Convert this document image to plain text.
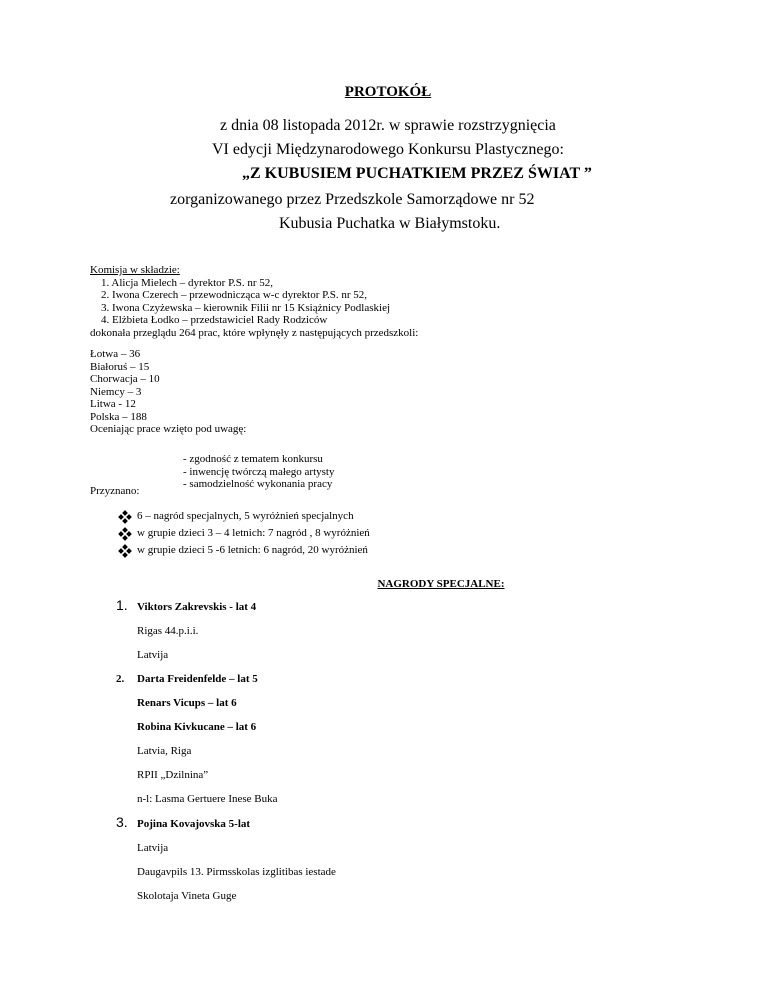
PROTOKÓŁ
z dnia 08 listopada 2012r. w sprawie rozstrzygnięcia
VI edycji Międzynarodowego Konkursu Plastycznego:
„Z KUBUSIEM PUCHATKIEM PRZEZ ŚWIAT ”
zorganizowanego przez Przedszkole Samorządowe nr 52
Kubusia Puchatka w Białymstoku.
Komisja w składzie:
1. Alicja Mielech – dyrektor P.S. nr 52,
2. Iwona Czerech – przewodnicząca w-c dyrektor P.S. nr 52,
3. Iwona Czyżewska – kierownik Filii nr 15 Książnicy Podlaskiej
4. Elżbieta Łodko – przedstawiciel Rady Rodziców
dokonała przeglądu 264 prac, które wpłynęły z następujących przedszkoli:
Łotwa – 36
Białoruś – 15
Chorwacja – 10
Niemcy – 3
Litwa - 12
Polska – 188
Oceniając prace wzięto pod uwagę:
- zgodność z tematem konkursu
- inwencję twórczą małego artysty
- samodzielność wykonania pracy
Przyznano:
6 – nagród specjalnych, 5 wyróżnień specjalnych
w grupie dzieci 3 – 4 letnich: 7 nagród , 8 wyróżnień
w grupie dzieci 5 -6 letnich: 6 nagród, 20 wyróżnień
NAGRODY SPECJALNE:
1. Viktors Zakrevskis - lat 4
Rigas 44.p.i.i.
Latvija
2. Darta Freidenfelde – lat 5
Renars Vicups – lat 6
Robina Kivkucane – lat 6
Latvia, Riga
RPII „Dzilnina”
n-l: Lasma Gertuere Inese Buka
3. Pojina Kovajovska 5-lat
Latvija
Daugavpils 13. Pirmsskolas izglitibas iestade
Skolotaja Vineta Guge
